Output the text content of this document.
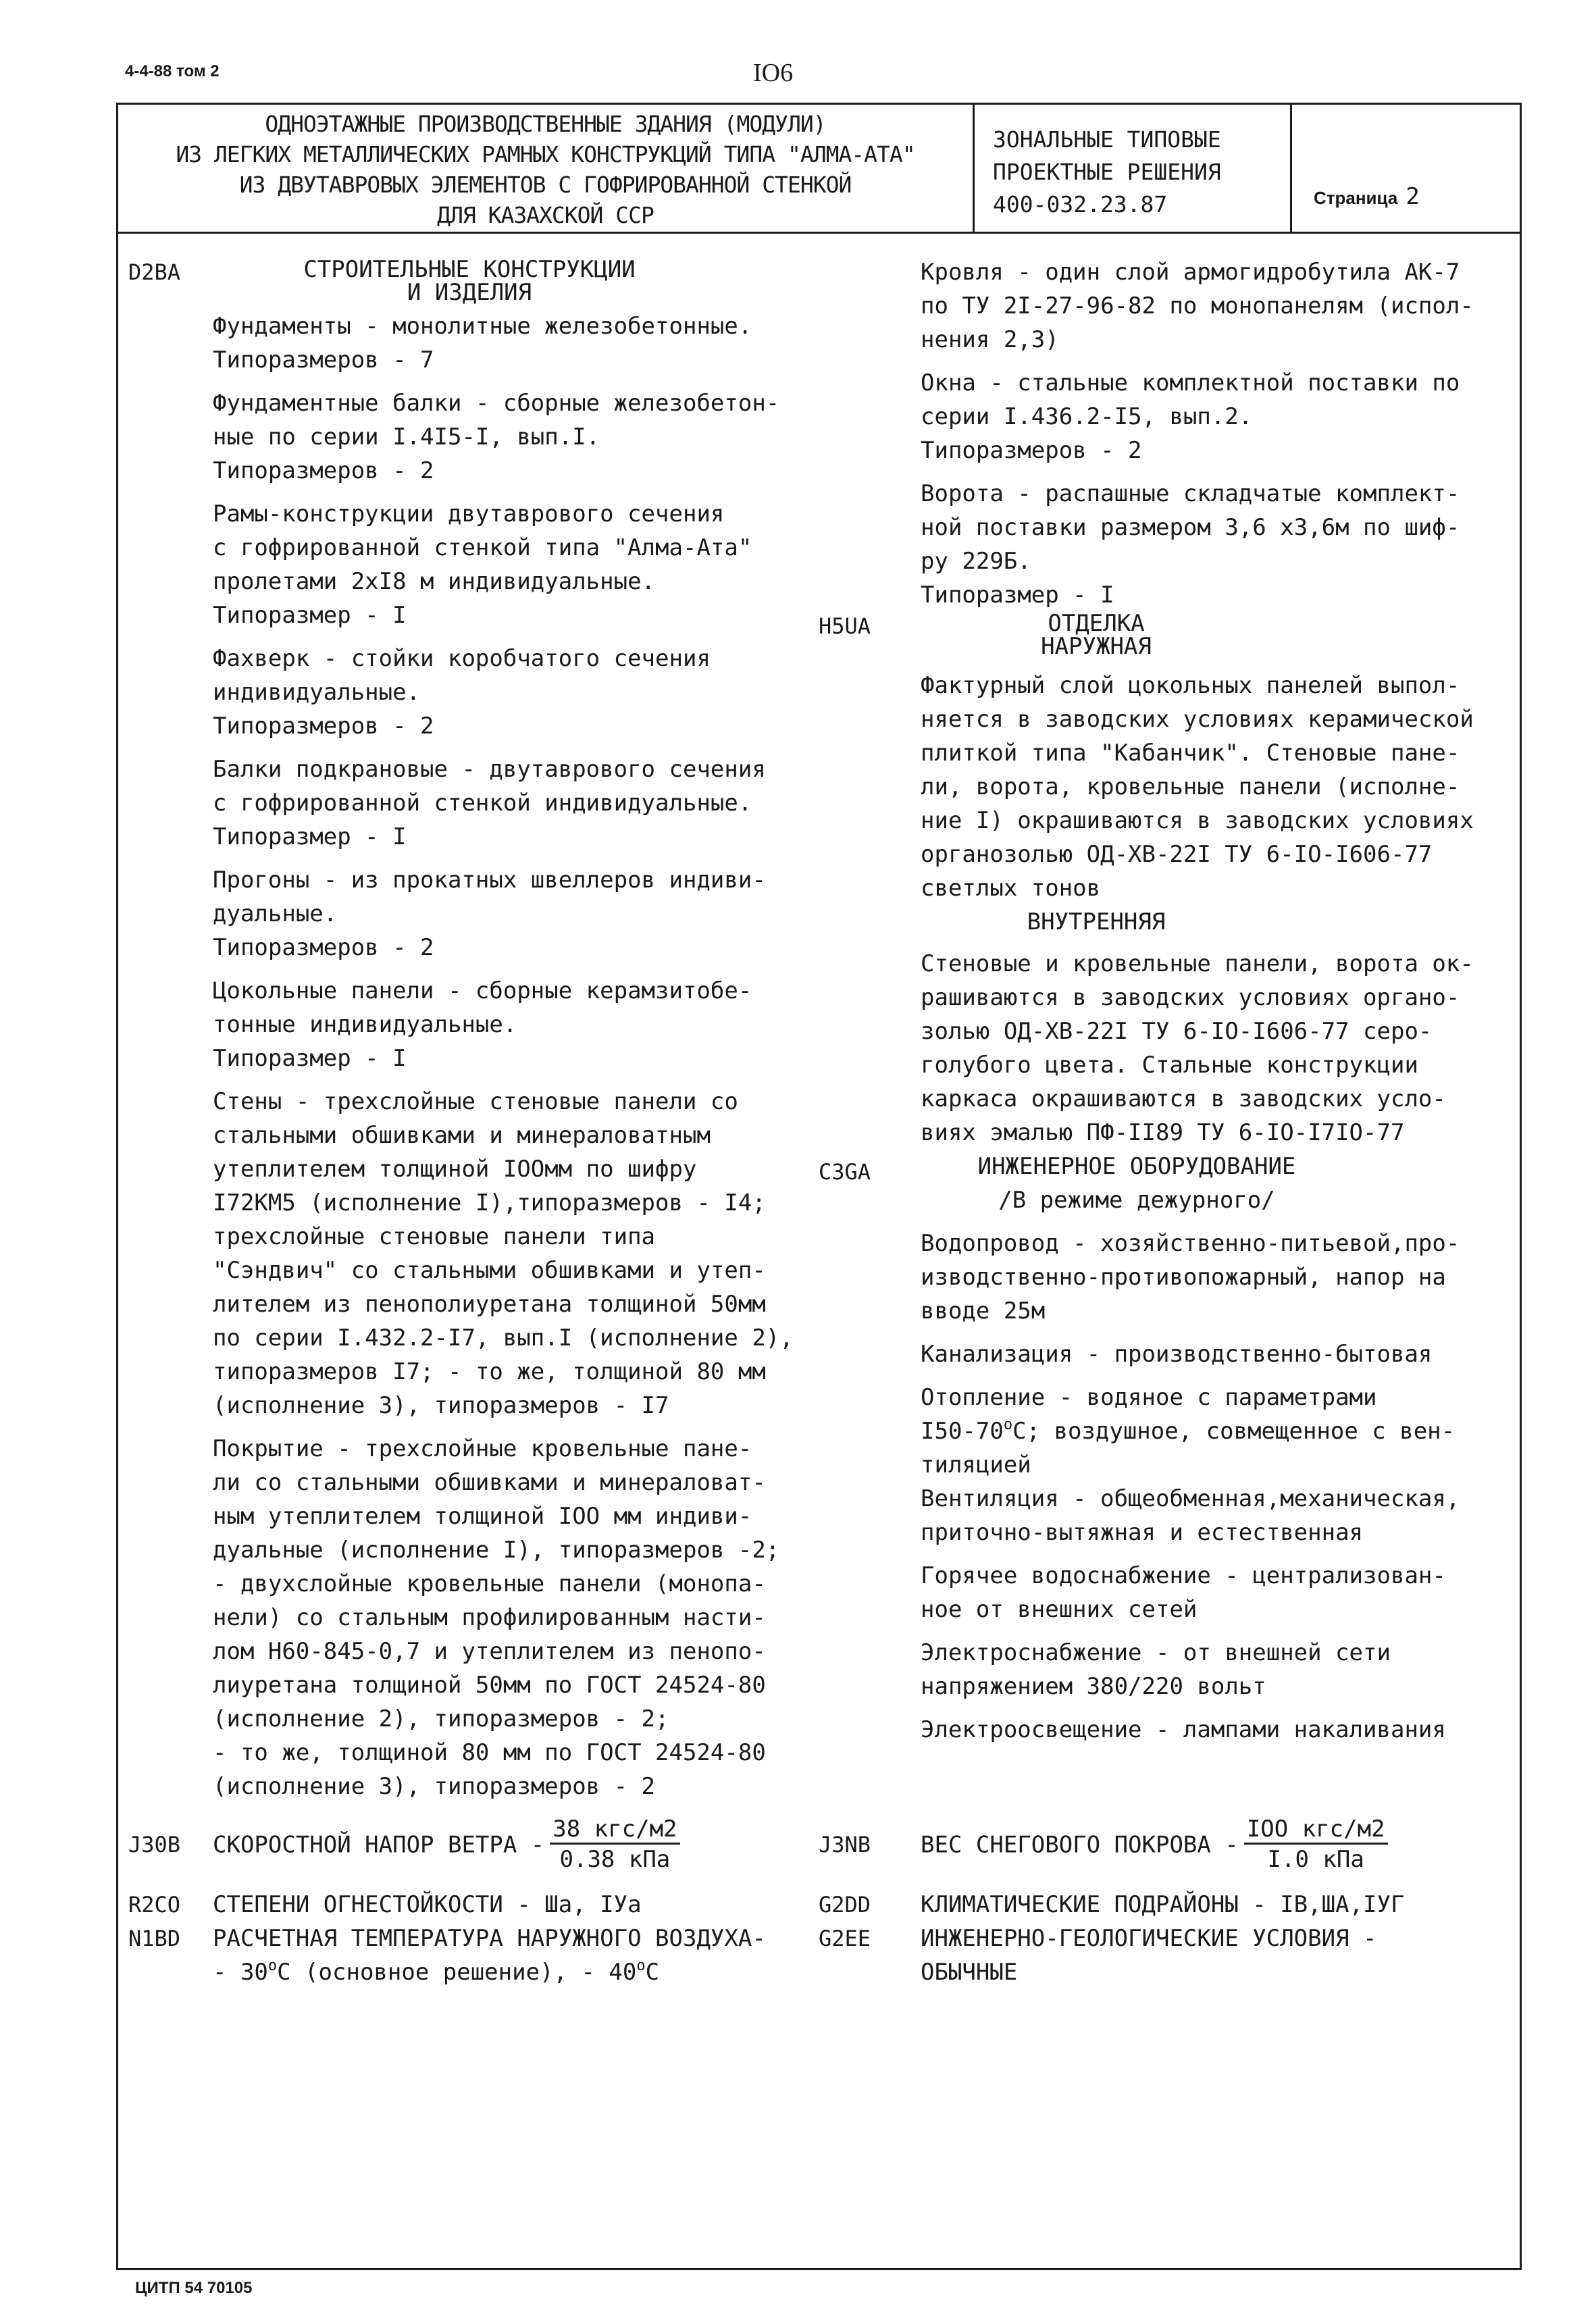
4-4-88 том 2	IO6
ОДНОЭТАЖНЫЕ ПРОИЗВОДСТВЕННЫЕ ЗДАНИЯ (МОДУЛИ)
ИЗ ЛЕГКИХ МЕТАЛЛИЧЕСКИХ РАМНЫХ КОНСТРУКЦИЙ ТИПА "АЛМА-АТА"
ИЗ ДВУТАВРОВЫХ ЭЛЕМЕНТОВ С ГОФРИРОВАННОЙ СТЕНКОЙ
ДЛЯ КАЗАХСКОЙ ССР
ЗОНАЛЬНЫЕ ТИПОВЫЕ
ПРОЕКТНЫЕ РЕШЕНИЯ
400-032.23.87	Страница 2
D2BA
H5UA
C3GA
СТРОИТЕЛЬНЫЕ КОНСТРУКЦИИ
И ИЗДЕЛИЯ

Фундаменты - монолитные железобетонные.
Типоразмеров - 7

Фундаментные балки - сборные железобетон-
ные по серии I.4I5-I, вып.I.
Типоразмеров - 2

Рамы-конструкции двутаврового сечения
с гофрированной стенкой типа "Алма-Ата"
пролетами 2хI8 м индивидуальные.
Типоразмер - I

Фахверк - стойки коробчатого сечения
индивидуальные.
Типоразмеров - 2

Балки подкрановые - двутаврового сечения
с гофрированной стенкой индивидуальные.
Типоразмер - I

Прогоны - из прокатных швеллеров индиви-
дуальные.
Типоразмеров - 2

Цокольные панели - сборные керамзитобе-
тонные индивидуальные.
Типоразмер - I

Стены - трехслойные стеновые панели со
стальными обшивками и минераловатным
утеплителем толщиной IOOмм по шифру
I72КМ5 (исполнение I),типоразмеров - I4;
трехслойные стеновые панели типа
"Сэндвич" со стальными обшивками и утеп-
лителем из пенополиуретана толщиной 50мм
по серии I.432.2-I7, вып.I (исполнение 2),
типоразмеров I7; - то же, толщиной 80 мм
(исполнение 3), типоразмеров - I7

Покрытие - трехслойные кровельные пане-
ли со стальными обшивками и минераловат-
ным утеплителем толщиной IOO мм индиви-
дуальные (исполнение I), типоразмеров -2;
- двухслойные кровельные панели (монопа-
нели) со стальным профилированным насти-
лом Н60-845-0,7 и утеплителем из пенопо-
лиуретана толщиной 50мм по ГОСТ 24524-80
(исполнение 2), типоразмеров - 2;
- то же, толщиной 80 мм по ГОСТ 24524-80
(исполнение 3), типоразмеров - 2

Кровля - один слой армогидробутила АК-7
по ТУ 2I-27-96-82 по монопанелям (испол-
нения 2,3)

Окна - стальные комплектной поставки по
серии I.436.2-I5, вып.2.
Типоразмеров - 2

Ворота - распашные складчатые комплект-
ной поставки размером 3,6 х3,6м по шиф-
ру 229Б.
Типоразмер - I

ОТДЕЛКА
НАРУЖНАЯ

Фактурный слой цокольных панелей выпол-
няется в заводских условиях керамической
плиткой типа "Кабанчик". Стеновые пане-
ли, ворота, кровельные панели (исполне-
ние I) окрашиваются в заводских условиях
органозолью ОД-ХВ-22I ТУ 6-IO-I606-77
светлых тонов

ВНУТРЕННЯЯ

Стеновые и кровельные панели, ворота ок-
рашиваются в заводских условиях органо-
золью ОД-ХВ-22I ТУ 6-IO-I606-77 серо-
голубого цвета. Стальные конструкции
каркаса окрашиваются в заводских усло-
виях эмалью ПФ-II89 ТУ 6-IO-I7IO-77

ИНЖЕНЕРНОЕ ОБОРУДОВАНИЕ
/В режиме дежурного/

Водопровод - хозяйственно-питьевой,про-
изводственно-противопожарный, напор на
вводе 25м

Канализация - производственно-бытовая

Отопление - водяное с параметрами
$I50-70^оС$; воздушное, совмещенное с вен-
тиляцией

Вентиляция - общеобменная,механическая,
приточно-вытяжная и естественная

Горячее водоснабжение - централизован-
ное от внешних сетей

Электроснабжение - от внешней сети
напряжением 380/220 вольт

Электроосвещение - лампами накаливания

J30B СКОРОСТНОЙ НАПОР ВЕТРА - $\frac{\text{38 кгс/м2}}{\text{0.38 кПа}}$	J3NB ВЕС СНЕГОВОГО ПОКРОВА - $\frac{\text{IOO кгс/м2}}{\text{I.0 кПа}}$
R2CO СТЕПЕНИ ОГНЕСТОЙКОСТИ - Шa, IУa	G2DD КЛИМАТИЧЕСКИЕ ПОДРАЙОНЫ - IВ,ША,IУГ
N1BD РАСЧЕТНАЯ ТЕМПЕРАТУРА НАРУЖНОГО ВОЗДУХА-
- $30^оС$ (основное решение), - $40^оС$
G2EE ИНЖЕНЕРНО-ГЕОЛОГИЧЕСКИЕ УСЛОВИЯ -
ОБЫЧНЫЕ
ЦИТП 54 70105
